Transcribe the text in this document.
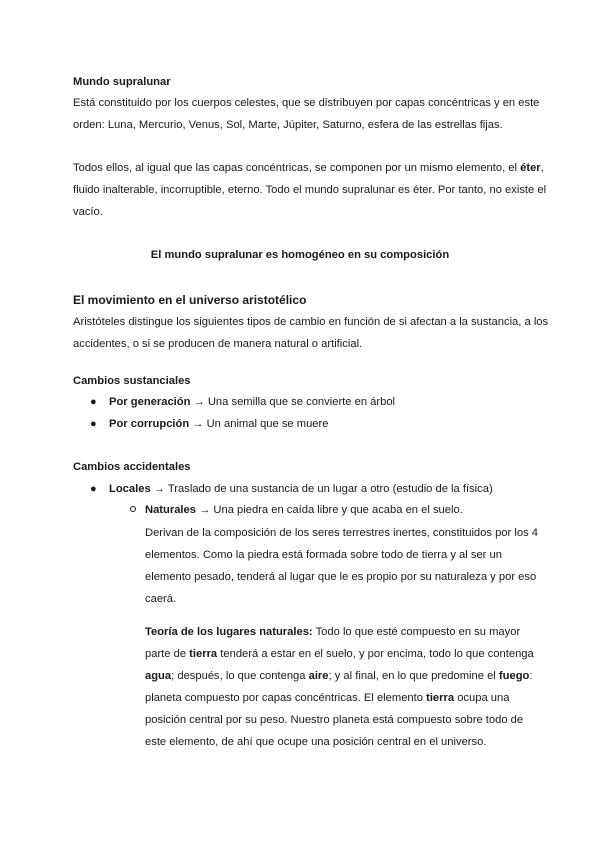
Mundo supralunar
Está constituido por los cuerpos celestes, que se distribuyen por capas concéntricas y en este
orden: Luna, Mercurio, Venus, Sol, Marte, Júpiter, Saturno, esfera de las estrellas fijas.
Todos ellos, al igual que las capas concéntricas, se componen por un mismo elemento, el éter,
fluido inalterable, incorruptible, eterno. Todo el mundo supralunar es éter. Por tanto, no existe el
vacío.
El mundo supralunar es homogéneo en su composición
El movimiento en el universo aristotélico
Aristóteles distingue los siguientes tipos de cambio en función de si afectan a la sustancia, a los
accidentes, o si se producen de manera natural o artificial.
Cambios sustanciales
● Por generación → Una semilla que se convierte en árbol
● Por corrupción → Un animal que se muere
Cambios accidentales
● Locales → Traslado de una sustancia de un lugar a otro (estudio de la física)
Naturales → Una piedra en caída libre y que acaba en el suelo.
Derivan de la composición de los seres terrestres inertes, constituidos por los 4
elementos. Como la piedra está formada sobre todo de tierra y al ser un
elemento pesado, tenderá al lugar que le es propio por su naturaleza y por eso
caerá.
Teoría de los lugares naturales: Todo lo que esté compuesto en su mayor
parte de tierra tenderá a estar en el suelo, y por encima, todo lo que contenga
agua; después, lo que contenga aire; y al final, en lo que predomine el fuego:
planeta compuesto por capas concéntricas. El elemento tierra ocupa una
posición central por su peso. Nuestro planeta está compuesto sobre todo de
este elemento, de ahí que ocupe una posición central en el universo.
